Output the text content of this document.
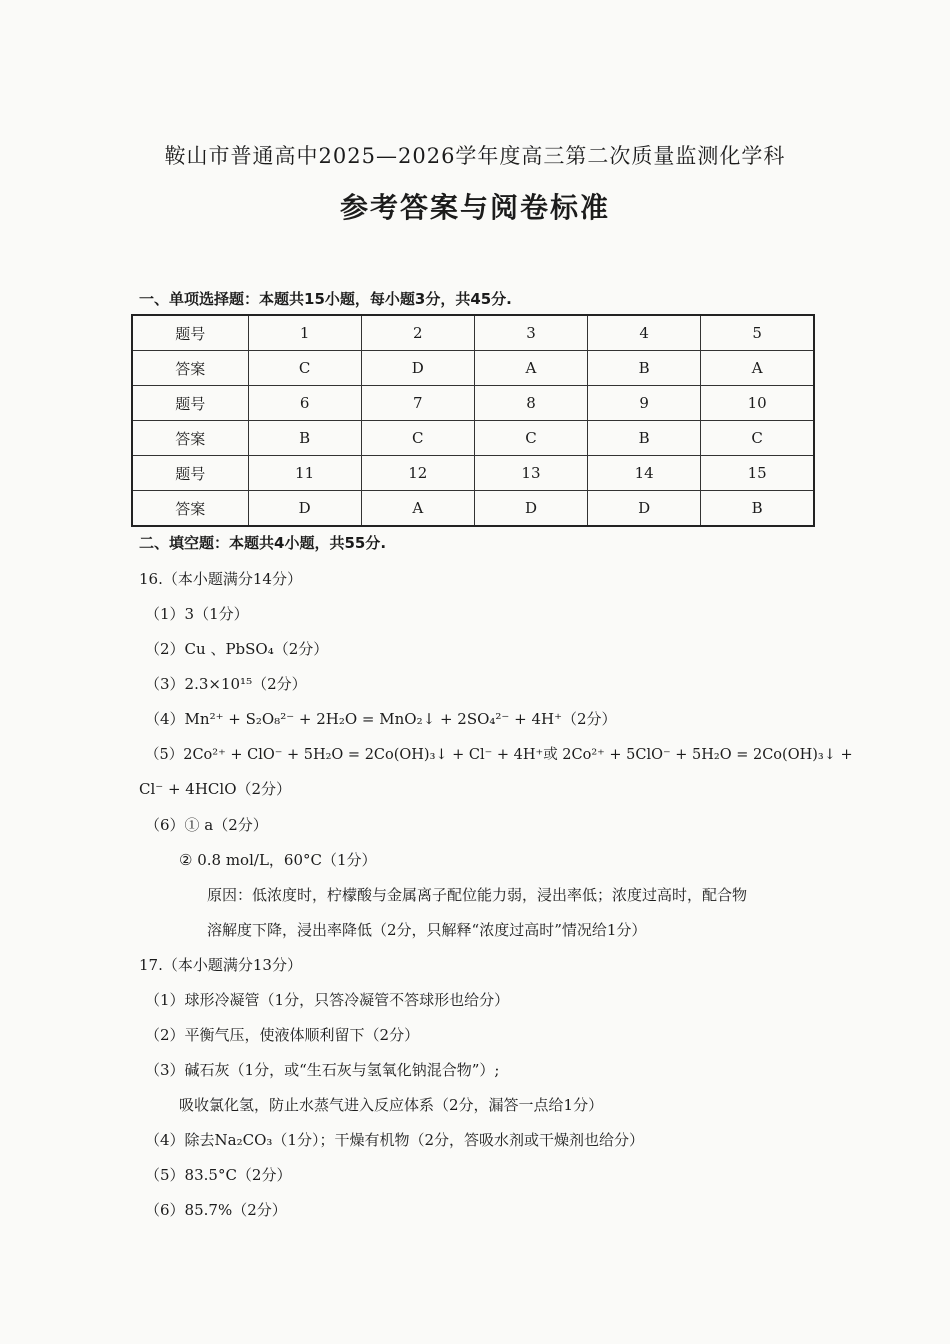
鞍山市普通高中2025—2026学年度高三第二次质量监测化学科
参考答案与阅卷标准
一、单项选择题：本题共15小题，每小题3分，共45分.
题号	1	2	3	4	5
答案	C	D	A	B	A
题号	6	7	8	9	10
答案	B	C	C	B	C
题号	11	12	13	14	15
答案	D	A	D	D	B
二、填空题：本题共4小题，共55分.
16.（本小题满分14分）
（1）3（1分）
（2）Cu 、PbSO₄（2分）
（3）2.3×10¹⁵（2分）
（4）Mn²⁺ + S₂O₈²⁻ + 2H₂O = MnO₂↓ + 2SO₄²⁻ + 4H⁺（2分）
（5）2Co²⁺ + ClO⁻ + 5H₂O = 2Co(OH)₃↓ + Cl⁻ + 4H⁺或 2Co²⁺ + 5ClO⁻ + 5H₂O = 2Co(OH)₃↓ +
Cl⁻ + 4HClO（2分）
（6）① a（2分）
② 0.8 mol/L，60°C（1分）
原因：低浓度时，柠檬酸与金属离子配位能力弱，浸出率低；浓度过高时，配合物
溶解度下降，浸出率降低（2分，只解释“浓度过高时”情况给1分）
17.（本小题满分13分）
（1）球形冷凝管（1分，只答冷凝管不答球形也给分）
（2）平衡气压，使液体顺利留下（2分）
（3）碱石灰（1分，或“生石灰与氢氧化钠混合物”）;
吸收氯化氢，防止水蒸气进入反应体系（2分，漏答一点给1分）
（4）除去Na₂CO₃（1分）；干燥有机物（2分，答吸水剂或干燥剂也给分）
（5）83.5°C（2分）
（6）85.7%（2分）
